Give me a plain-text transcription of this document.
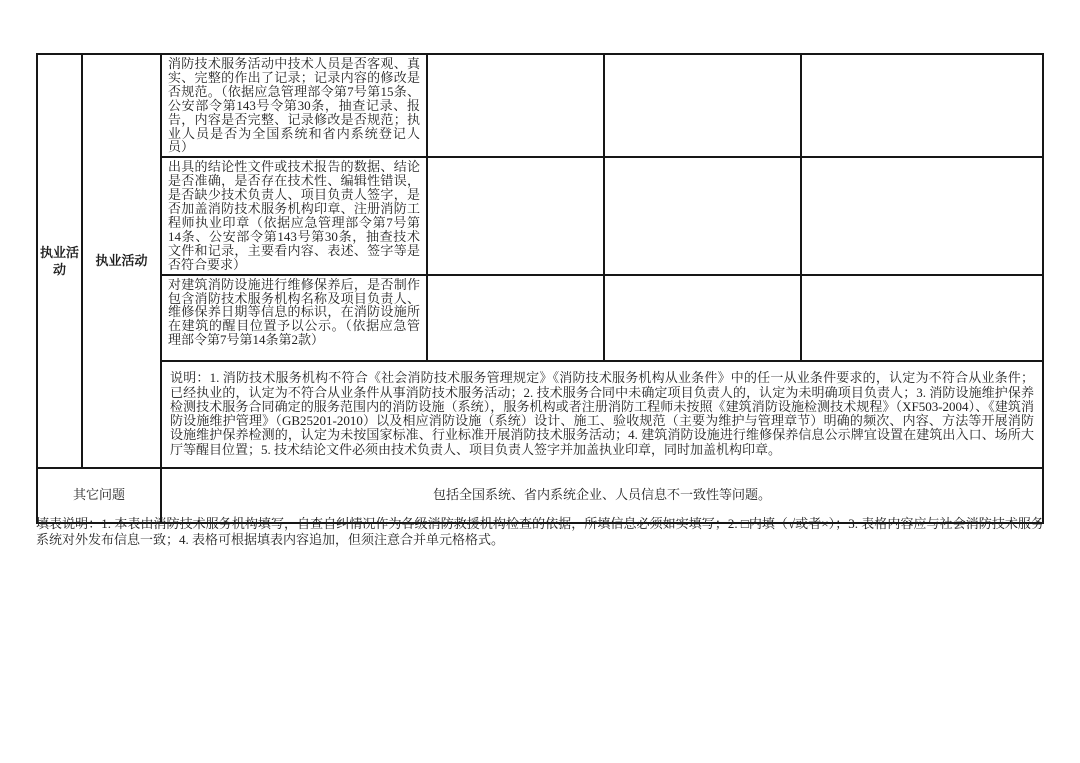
执业活动	执业活动	消防技术服务活动中技术人员是否客观、真实、完整的作出了记录；记录内容的修改是否规范。（依据应急管理部令第7号第15条、公安部令第143号令第30条，抽查记录、报告，内容是否完整、记录修改是否规范；执业人员是否为全国系统和省内系统登记人员）			
		出具的结论性文件或技术报告的数据、结论是否准确，是否存在技术性、编辑性错误，是否缺少技术负责人、项目负责人签字，是否加盖消防技术服务机构印章、注册消防工程师执业印章（依据应急管理部令第7号第14条、公安部令第143号第30条，抽查技术文件和记录，主要看内容、表述、签字等是否符合要求）			
		对建筑消防设施进行维修保养后，是否制作包含消防技术服务机构名称及项目负责人、维修保养日期等信息的标识，在消防设施所在建筑的醒目位置予以公示。（依据应急管理部令第7号第14条第2款）			
		说明：1. 消防技术服务机构不符合《社会消防技术服务管理规定》《消防技术服务机构从业条件》中的任一从业条件要求的，认定为不符合从业条件；已经执业的，认定为不符合从业条件从事消防技术服务活动；2. 技术服务合同中未确定项目负责人的，认定为未明确项目负责人；3. 消防设施维护保养检测技术服务合同确定的服务范围内的消防设施（系统），服务机构或者注册消防工程师未按照《建筑消防设施检测技术规程》（XF503-2004）、《建筑消防设施维护管理》（GB25201-2010）以及相应消防设施（系统）设计、施工、验收规范（主要为维护与管理章节）明确的频次、内容、方法等开展消防设施维护保养检测的，认定为未按国家标准、行业标准开展消防技术服务活动；4. 建筑消防设施进行维修保养信息公示牌宜设置在建筑出入口、场所大厅等醒目位置；5. 技术结论文件必须由技术负责人、项目负责人签字并加盖执业印章，同时加盖机构印章。			
其它问题		包括全国系统、省内系统企业、人员信息不一致性等问题。			
填表说明：1. 本表由消防技术服务机构填写，自查自纠情况作为各级消防救援机构检查的依据，所填信息必须如实填写；2. □内填（√或者×）；3. 表格内容应与社会消防技术服务系统对外发布信息一致；4. 表格可根据填表内容追加，但须注意合并单元格格式。
